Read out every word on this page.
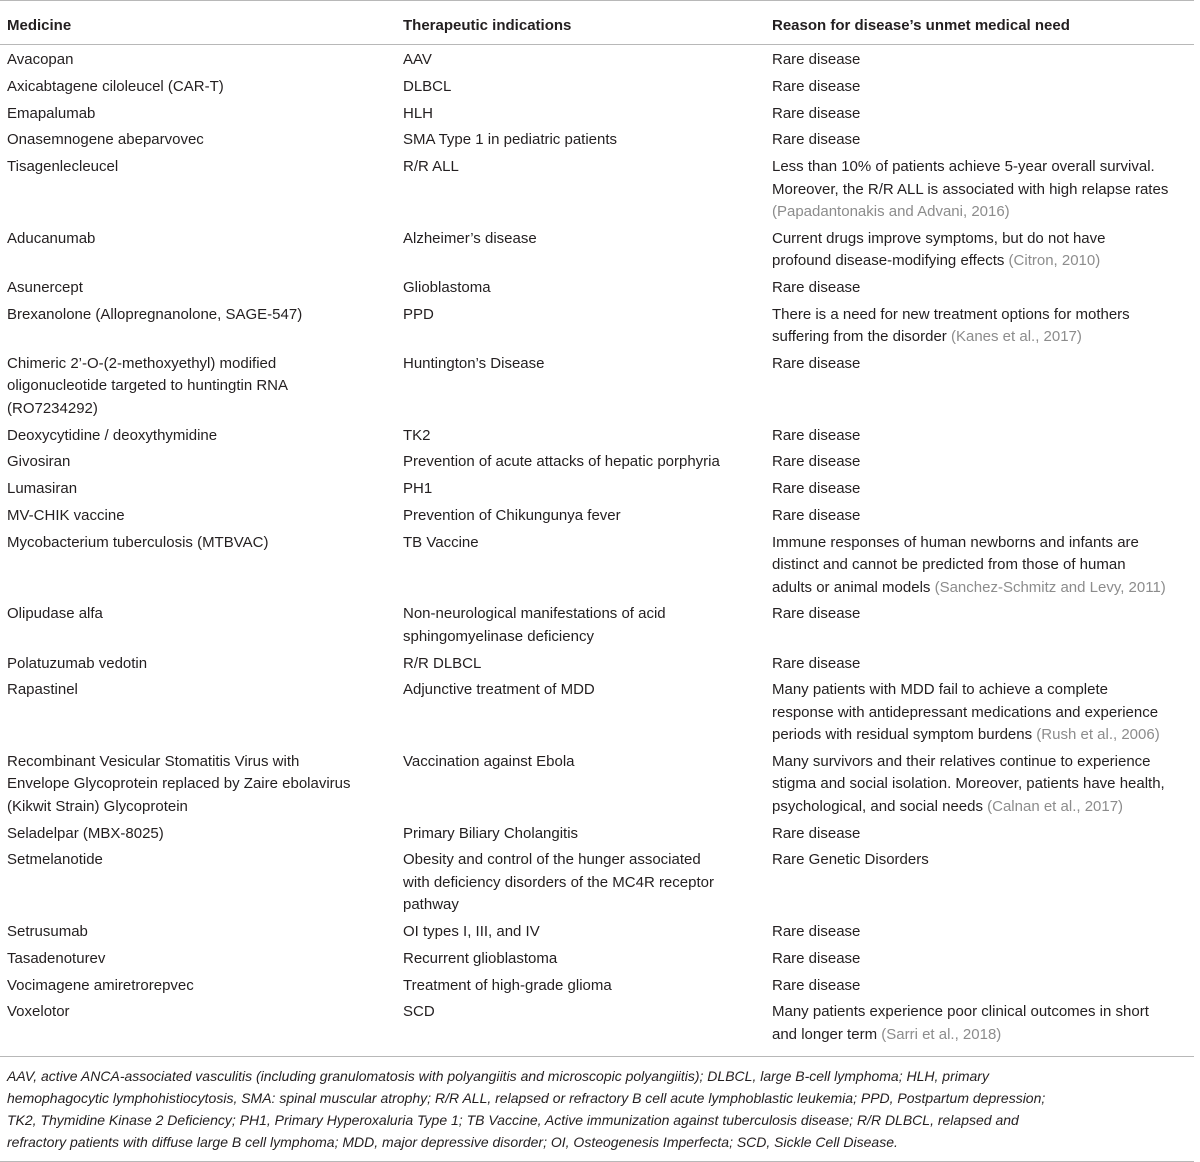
Medicine	Therapeutic indications	Reason for disease’s unmet medical need

Avacopan	AAV	Rare disease

Axicabtagene ciloleucel (CAR-T)	DLBCL	Rare disease

Emapalumab	HLH	Rare disease

Onasemnogene abeparvovec	SMA Type 1 in pediatric patients	Rare disease

Tisagenlecleucel	R/R ALL	Less than 10% of patients achieve 5-year overall survival.
Moreover, the R/R ALL is associated with high relapse rates
(Papadantonakis and Advani, 2016)

Aducanumab	Alzheimer’s disease	Current drugs improve symptoms, but do not have
profound disease-modifying effects (Citron, 2010)

Asunercept	Glioblastoma	Rare disease

Brexanolone (Allopregnanolone, SAGE-547)	PPD	There is a need for new treatment options for mothers
suffering from the disorder (Kanes et al., 2017)

Chimeric 2’-O-(2-methoxyethyl) modified
oligonucleotide targeted to huntingtin RNA
(RO7234292)	Huntington’s Disease	Rare disease

Deoxycytidine / deoxythymidine	TK2	Rare disease

Givosiran	Prevention of acute attacks of hepatic porphyria	Rare disease

Lumasiran	PH1	Rare disease

MV-CHIK vaccine	Prevention of Chikungunya fever	Rare disease

Mycobacterium tuberculosis (MTBVAC)	TB Vaccine	Immune responses of human newborns and infants are
distinct and cannot be predicted from those of human
adults or animal models (Sanchez-Schmitz and Levy, 2011)

Olipudase alfa	Non-neurological manifestations of acid
sphingomyelinase deficiency	Rare disease

Polatuzumab vedotin	R/R DLBCL	Rare disease

Rapastinel	Adjunctive treatment of MDD	Many patients with MDD fail to achieve a complete
response with antidepressant medications and experience
periods with residual symptom burdens (Rush et al., 2006)

Recombinant Vesicular Stomatitis Virus with
Envelope Glycoprotein replaced by Zaire ebolavirus
(Kikwit Strain) Glycoprotein	Vaccination against Ebola	Many survivors and their relatives continue to experience
stigma and social isolation. Moreover, patients have health,
psychological, and social needs (Calnan et al., 2017)

Seladelpar (MBX-8025)	Primary Biliary Cholangitis	Rare disease

Setmelanotide	Obesity and control of the hunger associated
with deficiency disorders of the MC4R receptor
pathway	Rare Genetic Disorders

Setrusumab	OI types I, III, and IV	Rare disease

Tasadenoturev	Recurrent glioblastoma	Rare disease

Vocimagene amiretrorepvec	Treatment of high-grade glioma	Rare disease

Voxelotor	SCD	Many patients experience poor clinical outcomes in short
and longer term (Sarri et al., 2018)
AAV, active ANCA-associated vasculitis (including granulomatosis with polyangiitis and microscopic polyangiitis); DLBCL, large B-cell lymphoma; HLH, primary
hemophagocytic lymphohistiocytosis, SMA: spinal muscular atrophy; R/R ALL, relapsed or refractory B cell acute lymphoblastic leukemia; PPD, Postpartum depression;
TK2, Thymidine Kinase 2 Deficiency; PH1, Primary Hyperoxaluria Type 1; TB Vaccine, Active immunization against tuberculosis disease; R/R DLBCL, relapsed and
refractory patients with diffuse large B cell lymphoma; MDD, major depressive disorder; OI, Osteogenesis Imperfecta; SCD, Sickle Cell Disease.
